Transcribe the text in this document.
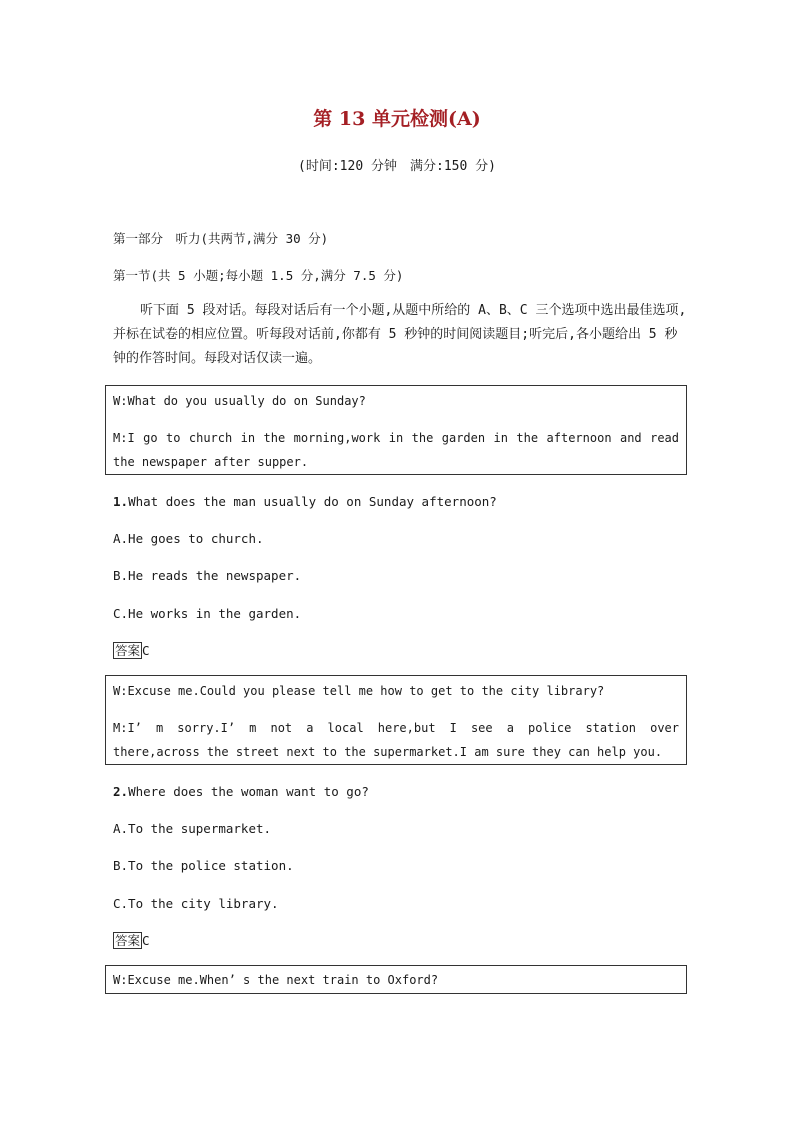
第 13 单元检测(A)
(时间:120 分钟　满分:150 分)
第一部分　听力(共两节,满分 30 分)
第一节(共 5 小题;每小题 1.5 分,满分 7.5 分)
听下面 5 段对话。每段对话后有一个小题,从题中所给的 A、B、C 三个选项中选出最佳选项,并标在试卷的相应位置。听每段对话前,你都有 5 秒钟的时间阅读题目;听完后,各小题给出 5 秒钟的作答时间。每段对话仅读一遍。
W:What do you usually do on Sunday?
M:I go to church in the morning,work in the garden in the afternoon and read the newspaper after supper.
1.What does the man usually do on Sunday afternoon?
A.He goes to church.
B.He reads the newspaper.
C.He works in the garden.
答案 C
W:Excuse me.Could you please tell me how to get to the city library?
M:I’ m sorry.I’ m not a local here,but I see a police station over there,across the street next to the supermarket.I am sure they can help you.
2.Where does the woman want to go?
A.To the supermarket.
B.To the police station.
C.To the city library.
答案 C
W:Excuse me.When’ s the next train to Oxford?
